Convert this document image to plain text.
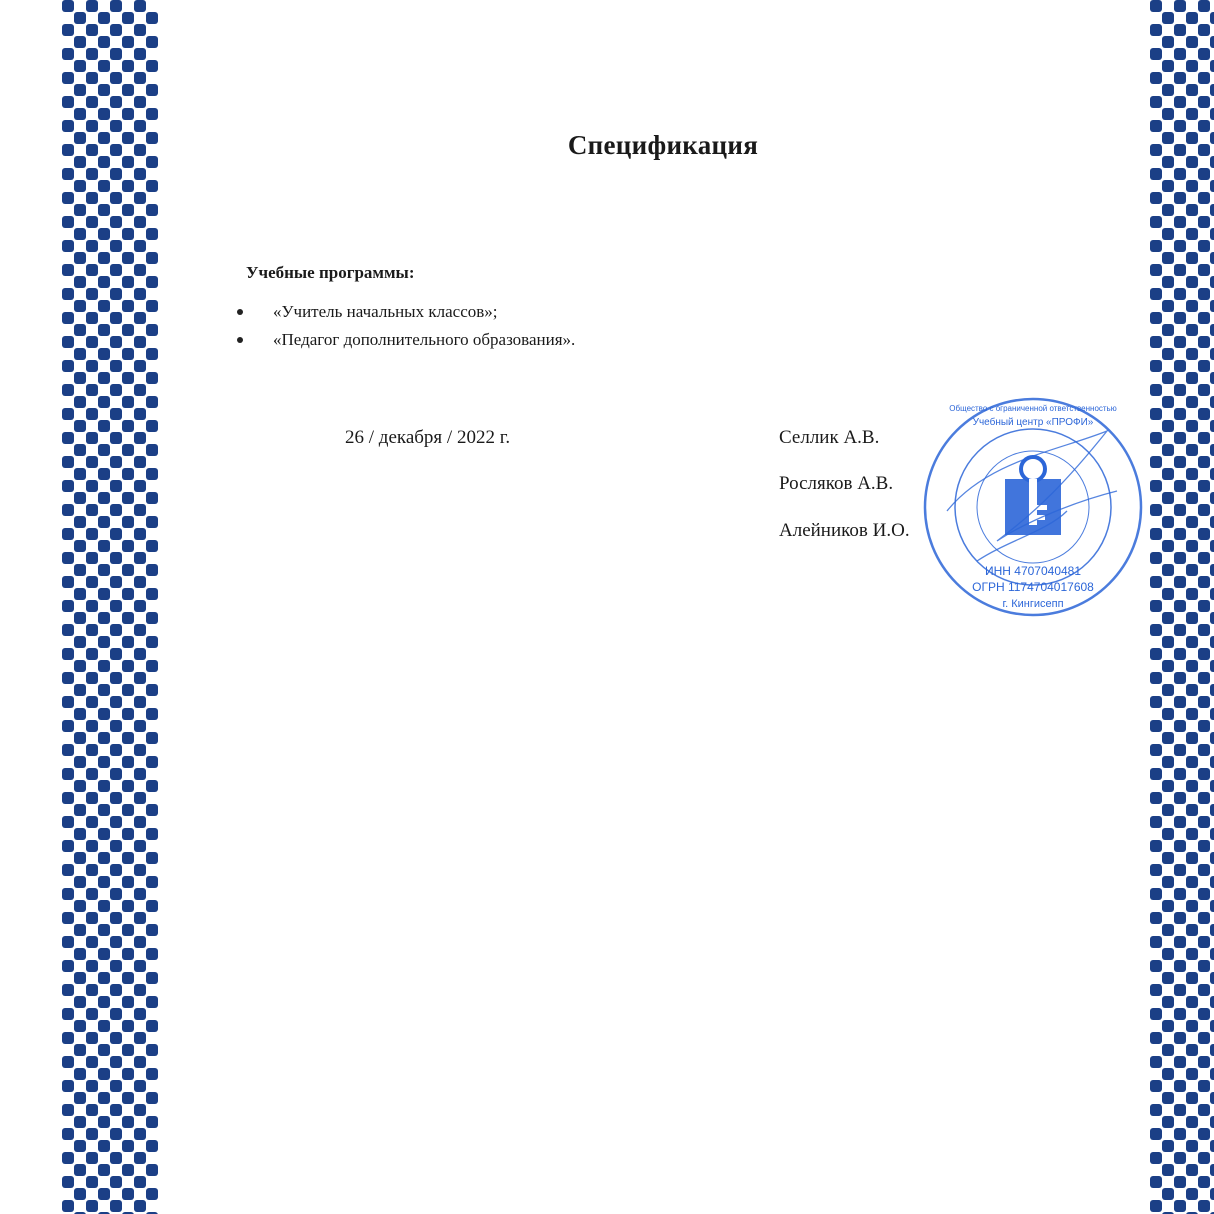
Спецификация
Учебные программы:
«Учитель начальных классов»;
«Педагог дополнительного образования».
26 / декабря / 2022 г.	Селлик А.В.
Росляков А.В.
Алейников И.О.
ИНН 4707040481
ОГРН 1174704017608
г. Кингисепп
Учебный центр «ПРОФИ»
Общество с ограниченной ответственностью
